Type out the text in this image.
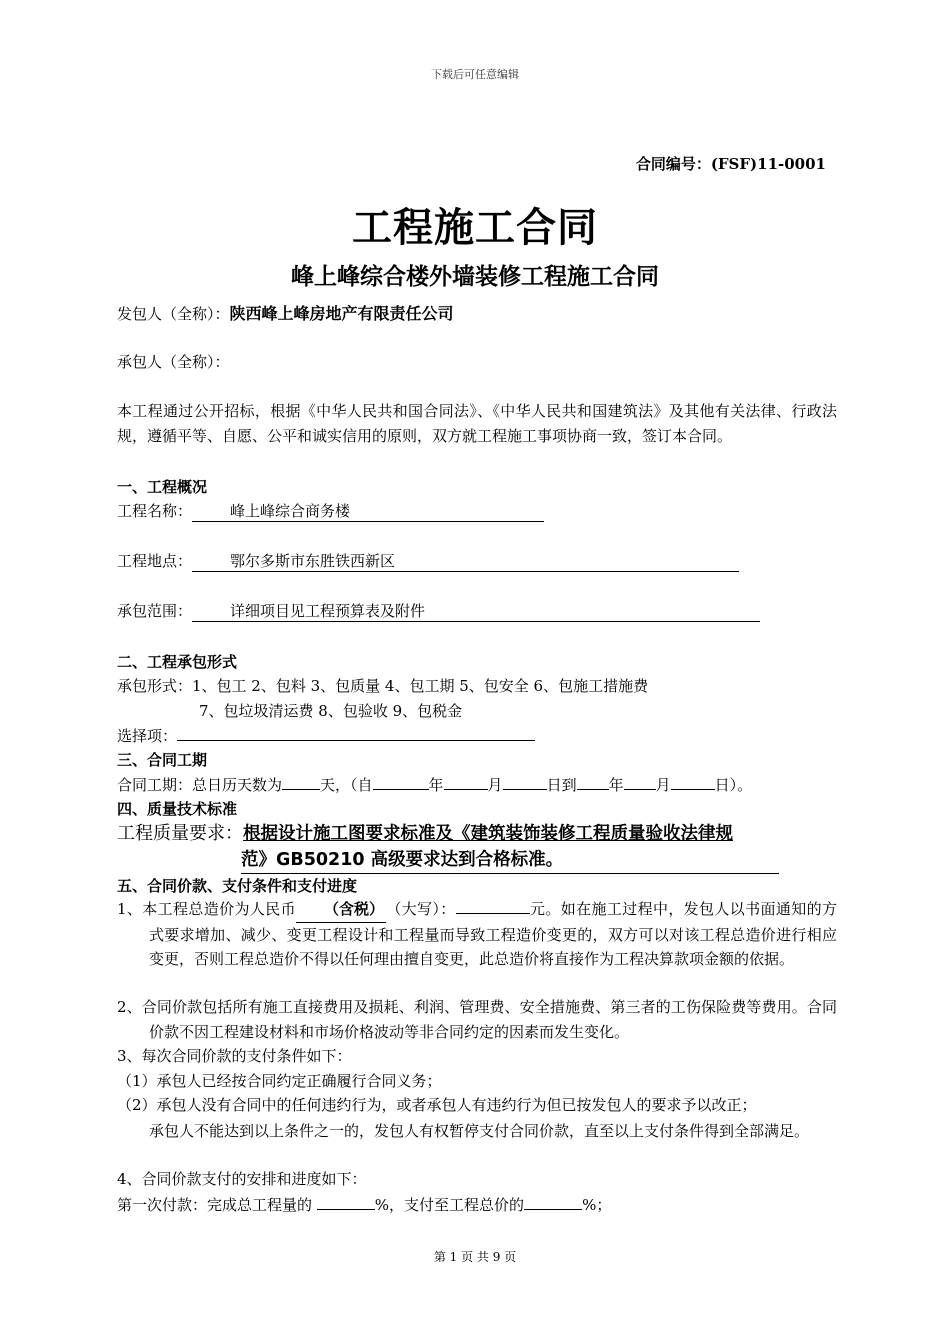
下载后可任意编辑
合同编号：(FSF)11-0001
工程施工合同
峰上峰综合楼外墙装修工程施工合同
发包人（全称）：陕西峰上峰房地产有限责任公司
承包人（全称）：
本工程通过公开招标，根据《中华人民共和国合同法》、《中华人民共和国建筑法》及其他有关法律、行政法规，遵循平等、自愿、公平和诚实信用的原则，双方就工程施工事项协商一致，签订本合同。
一、工程概况
工程名称：	峰上峰综合商务楼
工程地点：	鄂尔多斯市东胜铁西新区
承包范围：	详细项目见工程预算表及附件
二、工程承包形式
承包形式：1、包工 2、包料 3、包质量 4、包工期 5、包安全 6、包施工措施费
7、包垃圾清运费 8、包验收 9、包税金
选择项：
三、合同工期
合同工期：总日历天数为	天，（自	年	月	日到 年 月	日）。
四、质量技术标准
工程质量要求：根据设计施工图要求标准及《建筑装饰装修工程质量验收法律规
范》GB50210 高级要求达到合格标准。
五、合同价款、支付条件和支付进度
1、本工程总造价为人民币 （含税） （大写）：	元。如在施工过程中，发包人以书面通知的方式要求增加、减少、变更工程设计和工程量而导致工程造价变更的，双方可以对该工程总造价进行相应变更，否则工程总造价不得以任何理由擅自变更，此总造价将直接作为工程决算款项金额的依据。
2、合同价款包括所有施工直接费用及损耗、利润、管理费、安全措施费、第三者的工伤保险费等费用。合同价款不因工程建设材料和市场价格波动等非合同约定的因素而发生变化。
3、每次合同价款的支付条件如下：
（1）承包人已经按合同约定正确履行合同义务；
（2）承包人没有合同中的任何违约行为，或者承包人有违约行为但已按发包人的要求予以改正；
承包人不能达到以上条件之一的，发包人有权暂停支付合同价款，直至以上支付条件得到全部满足。
4、合同价款支付的安排和进度如下：
第一次付款：完成总工程量的	%，支付至工程总价的	%；
第 1 页 共 9 页
